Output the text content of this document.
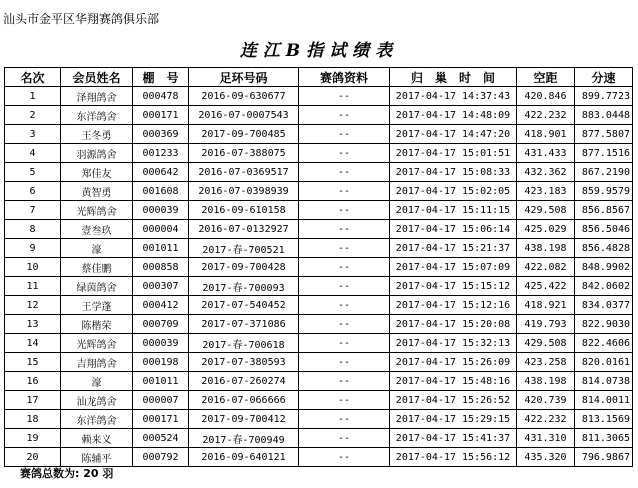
汕头市金平区华翔赛鸽俱乐部
连江B指试绩表
名次	会员姓名	棚　号	足环号码	赛鸽资料	归　巢　时　间	空距	分速
1	泽翔鸽舍	000478	2016-09-630677	--	2017-04-17 14:37:43	420.846	899.7723
2	东洋鸽舍	000171	2016-07-0007543	--	2017-04-17 14:48:09	422.232	883.0448
3	王冬勇	000369	2017-09-700485	--	2017-04-17 14:47:20	418.901	877.5807
4	羽源鸽舍	001233	2016-07-388075	--	2017-04-17 15:01:51	431.433	877.1516
5	郑佳友	000642	2016-07-0369517	--	2017-04-17 15:08:33	432.362	867.2190
6	黄智勇	001608	2016-07-0398939	--	2017-04-17 15:02:05	423.183	859.9579
7	光辉鸽舍	000039	2016-09-610158	--	2017-04-17 15:11:15	429.508	856.8567
8	壹叁玖	000004	2016-07-0132927	--	2017-04-17 15:06:14	425.029	856.5046
9	濠	001011	2017-春-700521	--	2017-04-17 15:21:37	438.198	856.4828
10	蔡佳鹏	000858	2017-09-700428	--	2017-04-17 15:07:09	422.082	848.9902
11	绿茵鸽舍	000307	2017-春-700093	--	2017-04-17 15:15:12	425.422	842.0602
12	王学蓬	000412	2017-07-540452	--	2017-04-17 15:12:16	418.921	834.0377
13	陈楷荣	000709	2017-07-371086	--	2017-04-17 15:20:08	419.793	822.9030
14	光辉鸽舍	000039	2017-春-700618	--	2017-04-17 15:32:13	429.508	822.4606
15	吉翔鸽舍	000198	2017-07-380593	--	2017-04-17 15:26:09	423.258	820.0161
16	濠	001011	2016-07-260274	--	2017-04-17 15:48:16	438.198	814.0738
17	汕龙鸽舍	000007	2016-07-066666	--	2017-04-17 15:26:52	420.739	814.0011
18	东洋鸽舍	000171	2017-09-700412	--	2017-04-17 15:29:15	422.232	813.1569
19	赖来义	000524	2017-春-700949	--	2017-04-17 15:41:37	431.310	811.3065
20	陈辅平	000792	2016-09-640121	--	2017-04-17 15:56:12	435.320	796.9867
赛鸽总数为: 20 羽
